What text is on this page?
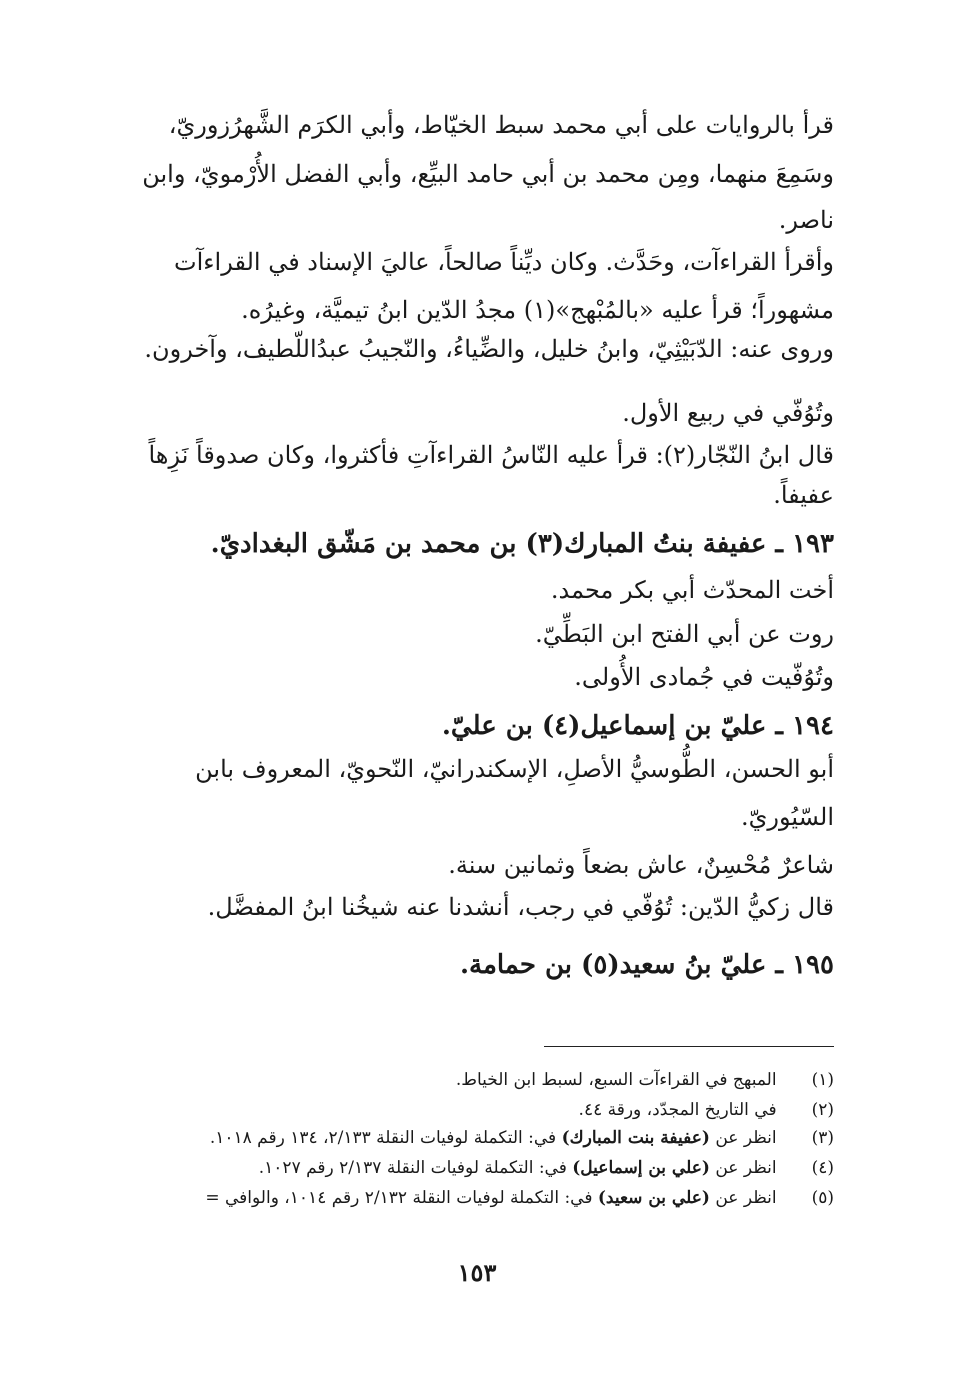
قرأ بالروايات على أبي محمد سبط الخيّاط، وأبي الكرَم الشَّهرُزوريّ،
وسَمِعَ منهما، ومِن محمد بن أبي حامد البيِّع، وأبي الفضل الأُرْمويّ، وابن
ناصر.
وأقرأ القراءآت، وحَدَّث. وكان ديِّناً صالحاً، عاليَ الإسناد في القراءآت
مشهوراً؛ قرأ عليه «بالمُبْهج»(١) مجدُ الدّين ابنُ تيميَّة، وغيرُه.
وروى عنه: الدّبَيْثِيّ، وابنُ خليل، والضِّياءُ، والنّجيبُ عبدُاللّطيف، وآخرون.
وتُوُفّي في ربيع الأول.
قال ابنُ النّجّار(٢): قرأ عليه النّاسُ القراءآتِ فأكثروا، وكان صدوقاً نَزِهاً
عفيفاً.
١٩٣ ـ عفيفة بنتُ المبارك(٣) بن محمد بن مَشّق البغداديّ.
أخت المحدّث أبي بكر محمد.
روت عن أبي الفتح ابن البَطِّيّ.
وتُوُفّيت في جُمادى الأُولى.
١٩٤ ـ عليّ بن إسماعيل(٤) بن عليّ.
أبو الحسن، الطُّوسيُّ الأصلِ، الإسكندرانيّ، النّحويّ، المعروف بابن
السّيُوريّ.
شاعرٌ مُحْسِنٌ، عاش بضعاً وثمانين سنة.
قال زكيُّ الدّين: تُوُفّي في رجب، أنشدنا عنه شيخُنا ابنُ المفضَّل.
١٩٥ ـ عليّ بنُ سعيد(٥) بن حمامة.
(١) المبهج في القراءآت السبع، لسبط ابن الخياط.
(٢) في التاريخ المجدّد، ورقة ٤٤.
(٣) انظر عن (عفيفة بنت المبارك) في: التكملة لوفيات النقلة ٢/١٣٣، ١٣٤ رقم ١٠١٨.
(٤) انظر عن (علي بن إسماعيل) في: التكملة لوفيات النقلة ٢/١٣٧ رقم ١٠٢٧.
(٥) انظر عن (علي بن سعيد) في: التكملة لوفيات النقلة ٢/١٣٢ رقم ١٠١٤، والوافي =
١٥٣
